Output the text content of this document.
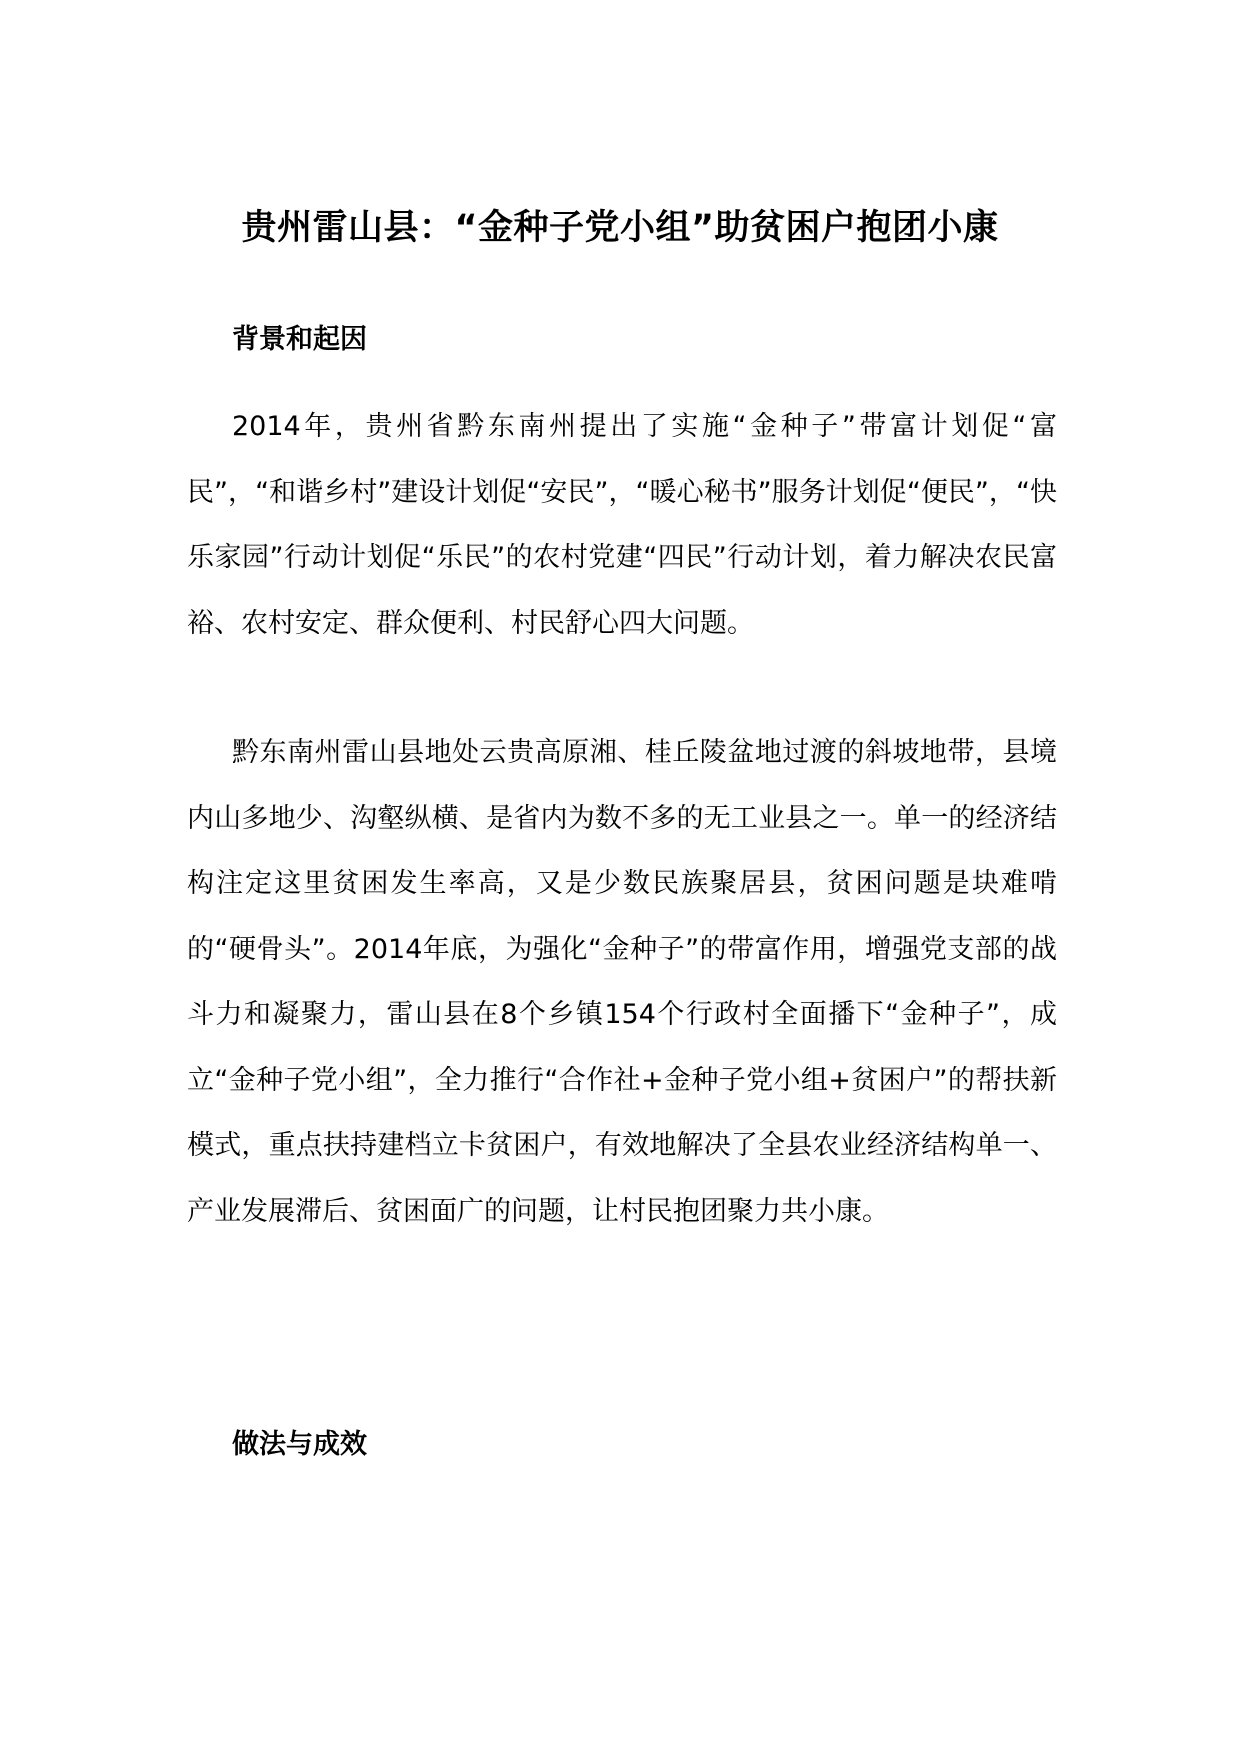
贵州雷山县：“金种子党小组”助贫困户抱团小康
背景和起因

2014年，贵州省黔东南州提出了实施“金种子”带富计划促“富民”，“和谐乡村”建设计划促“安民”，“暖心秘书”服务计划促“便民”，“快乐家园”行动计划促“乐民”的农村党建“四民”行动计划，着力解决农民富裕、农村安定、群众便利、村民舒心四大问题。

黔东南州雷山县地处云贵高原湘、桂丘陵盆地过渡的斜坡地带，县境内山多地少、沟壑纵横、是省内为数不多的无工业县之一。单一的经济结构注定这里贫困发生率高，又是少数民族聚居县，贫困问题是块难啃的“硬骨头”。2014年底，为强化“金种子”的带富作用，增强党支部的战斗力和凝聚力，雷山县在8个乡镇154个行政村全面播下“金种子”，成立“金种子党小组”，全力推行“合作社+金种子党小组+贫困户”的帮扶新模式，重点扶持建档立卡贫困户，有效地解决了全县农业经济结构单一、产业发展滞后、贫困面广的问题，让村民抱团聚力共小康。

做法与成效
